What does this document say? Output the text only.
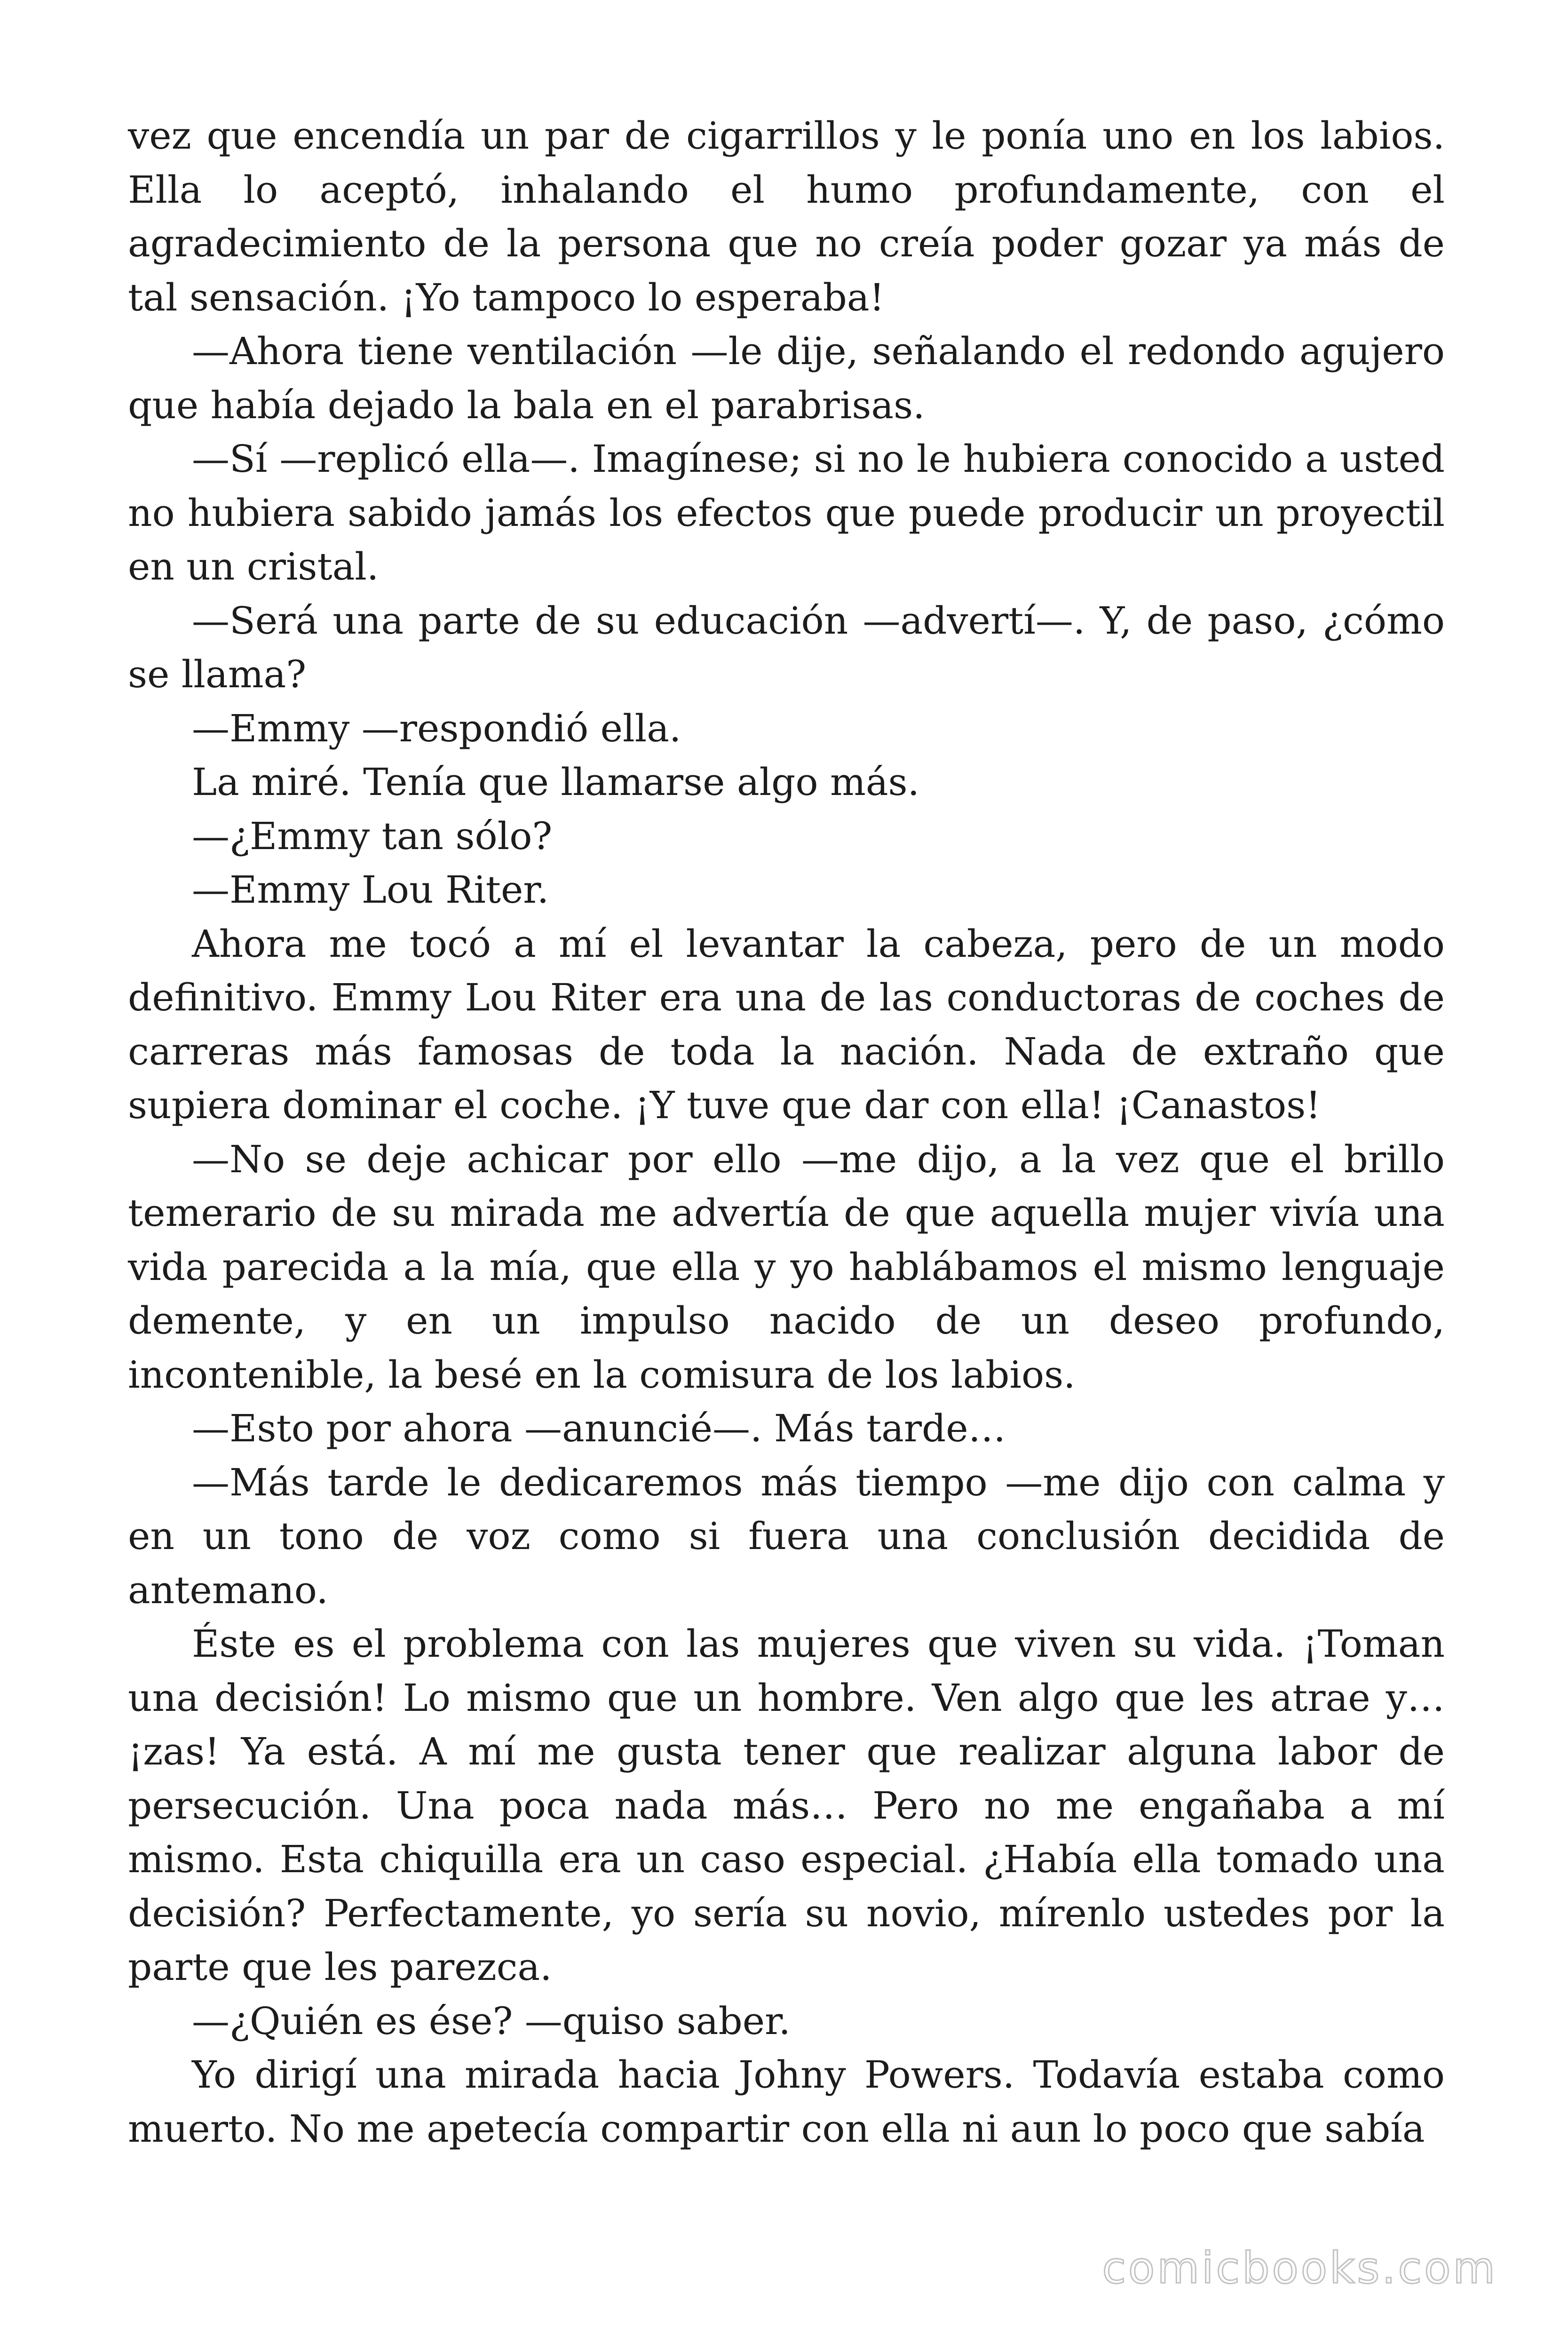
vez que encendía un par de cigarrillos y le ponía uno en los labios. Ella lo aceptó, inhalando el humo profundamente, con el agradecimiento de la persona que no creía poder gozar ya más de tal sensación. ¡Yo tampoco lo esperaba!

—Ahora tiene ventilación —le dije, señalando el redondo agujero que había dejado la bala en el parabrisas.

—Sí —replicó ella—. Imagínese; si no le hubiera conocido a usted no hubiera sabido jamás los efectos que puede producir un proyectil en un cristal.

—Será una parte de su educación —advertí—. Y, de paso, ¿cómo se llama?

—Emmy —respondió ella.

La miré. Tenía que llamarse algo más.

—¿Emmy tan sólo?

—Emmy Lou Riter.

Ahora me tocó a mí el levantar la cabeza, pero de un modo definitivo. Emmy Lou Riter era una de las conductoras de coches de carreras más famosas de toda la nación. Nada de extraño que supiera dominar el coche. ¡Y tuve que dar con ella! ¡Canastos!

—No se deje achicar por ello —me dijo, a la vez que el brillo temerario de su mirada me advertía de que aquella mujer vivía una vida parecida a la mía, que ella y yo hablábamos el mismo lenguaje demente, y en un impulso nacido de un deseo profundo, incontenible, la besé en la comisura de los labios.

—Esto por ahora —anuncié—. Más tarde…

—Más tarde le dedicaremos más tiempo —me dijo con calma y en un tono de voz como si fuera una conclusión decidida de antemano.

Éste es el problema con las mujeres que viven su vida. ¡Toman una decisión! Lo mismo que un hombre. Ven algo que les atrae y… ¡zas! Ya está. A mí me gusta tener que realizar alguna labor de persecución. Una poca nada más… Pero no me engañaba a mí mismo. Esta chiquilla era un caso especial. ¿Había ella tomado una decisión? Perfectamente, yo sería su novio, mírenlo ustedes por la parte que les parezca.

—¿Quién es ése? —quiso saber.

Yo dirigí una mirada hacia Johny Powers. Todavía estaba como muerto. No me apetecía compartir con ella ni aun lo poco que sabía

comicbooks.com
